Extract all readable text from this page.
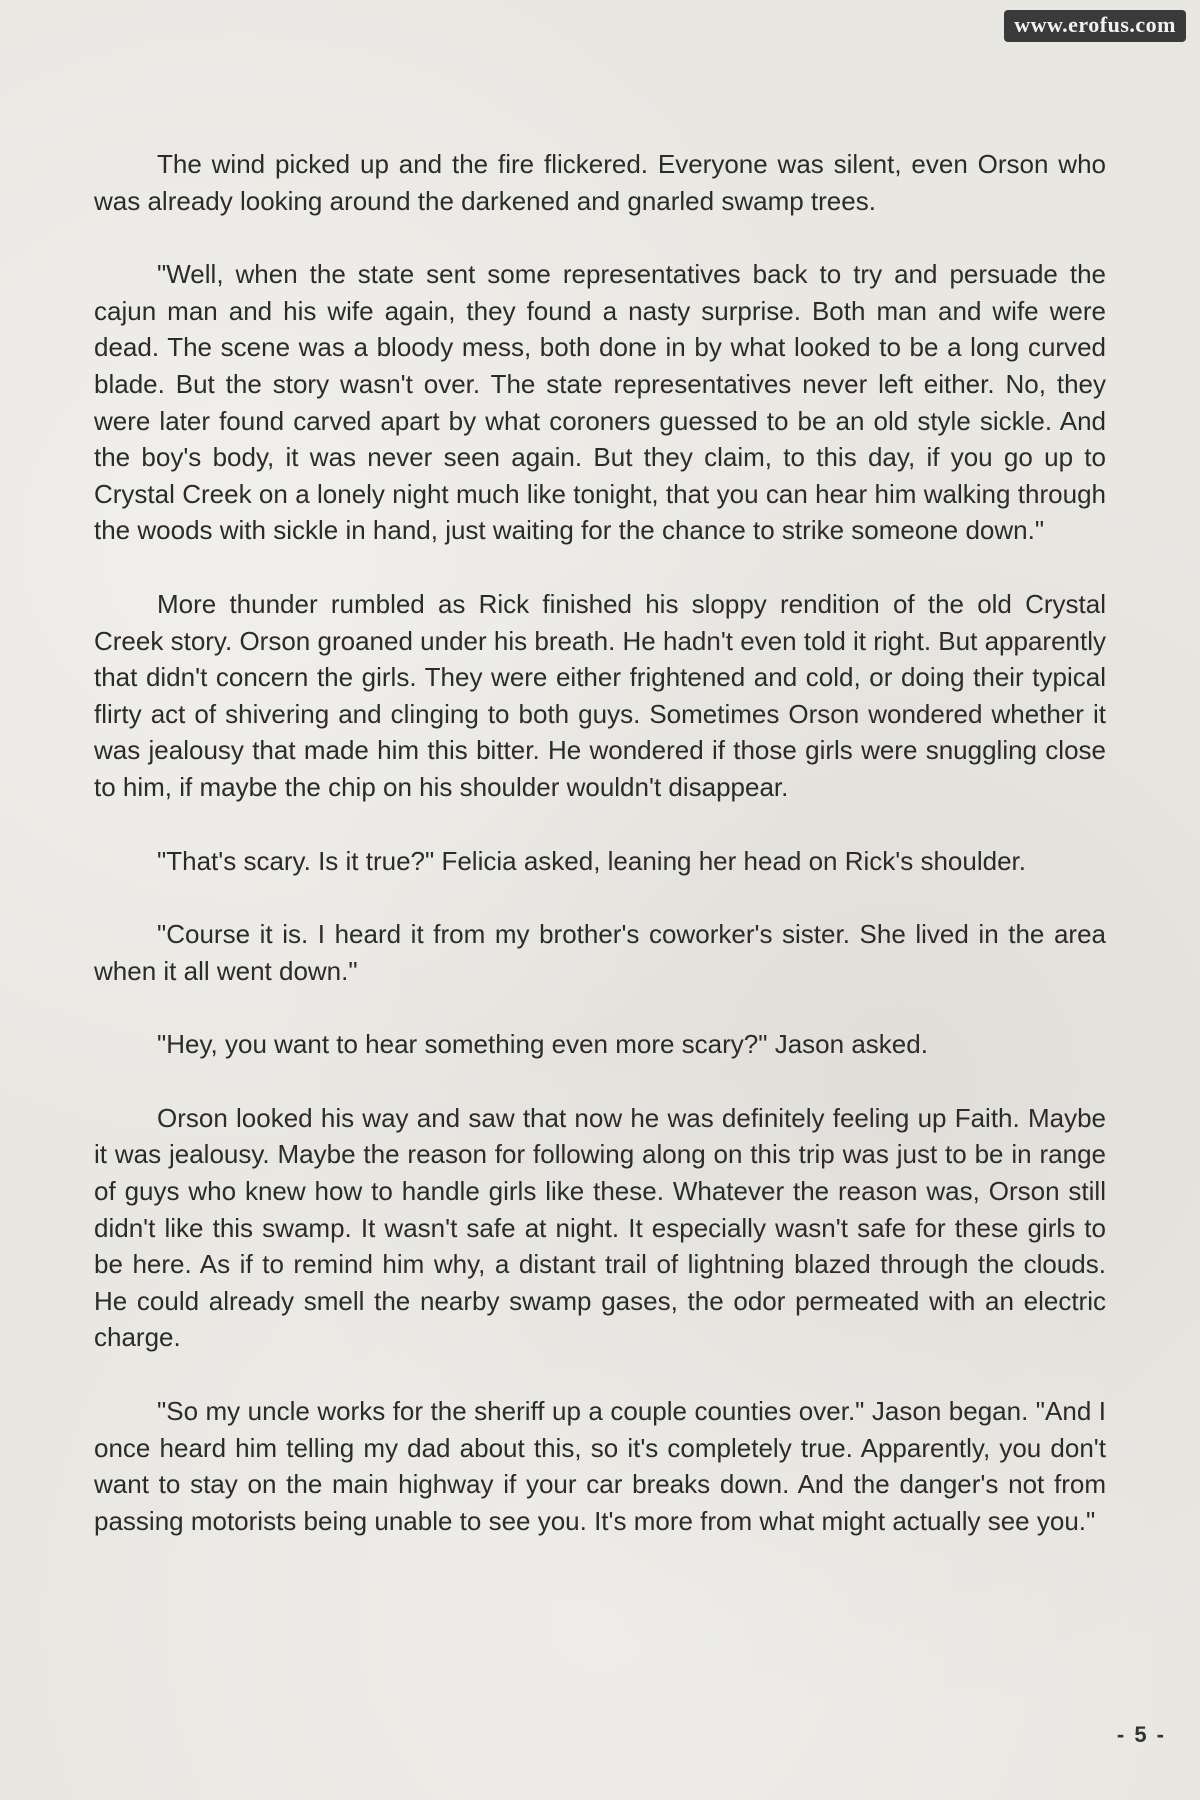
www.erofus.com

The wind picked up and the fire flickered. Everyone was silent, even Orson who was already looking around the darkened and gnarled swamp trees.

"Well, when the state sent some representatives back to try and persuade the cajun man and his wife again, they found a nasty surprise. Both man and wife were dead. The scene was a bloody mess, both done in by what looked to be a long curved blade. But the story wasn't over. The state representatives never left either. No, they were later found carved apart by what coroners guessed to be an old style sickle. And the boy's body, it was never seen again. But they claim, to this day, if you go up to Crystal Creek on a lonely night much like tonight, that you can hear him walking through the woods with sickle in hand, just waiting for the chance to strike someone down."

More thunder rumbled as Rick finished his sloppy rendition of the old Crystal Creek story. Orson groaned under his breath. He hadn't even told it right. But apparently that didn't concern the girls. They were either frightened and cold, or doing their typical flirty act of shivering and clinging to both guys. Sometimes Orson wondered whether it was jealousy that made him this bitter. He wondered if those girls were snuggling close to him, if maybe the chip on his shoulder wouldn't disappear.

"That's scary. Is it true?" Felicia asked, leaning her head on Rick's shoulder.

"Course it is. I heard it from my brother's coworker's sister. She lived in the area when it all went down."

"Hey, you want to hear something even more scary?" Jason asked.

Orson looked his way and saw that now he was definitely feeling up Faith. Maybe it was jealousy. Maybe the reason for following along on this trip was just to be in range of guys who knew how to handle girls like these. Whatever the reason was, Orson still didn't like this swamp. It wasn't safe at night. It especially wasn't safe for these girls to be here. As if to remind him why, a distant trail of lightning blazed through the clouds. He could already smell the nearby swamp gases, the odor permeated with an electric charge.

"So my uncle works for the sheriff up a couple counties over." Jason began. "And I once heard him telling my dad about this, so it's completely true. Apparently, you don't want to stay on the main highway if your car breaks down. And the danger's not from passing motorists being unable to see you. It's more from what might actually see you."

- 5 -
